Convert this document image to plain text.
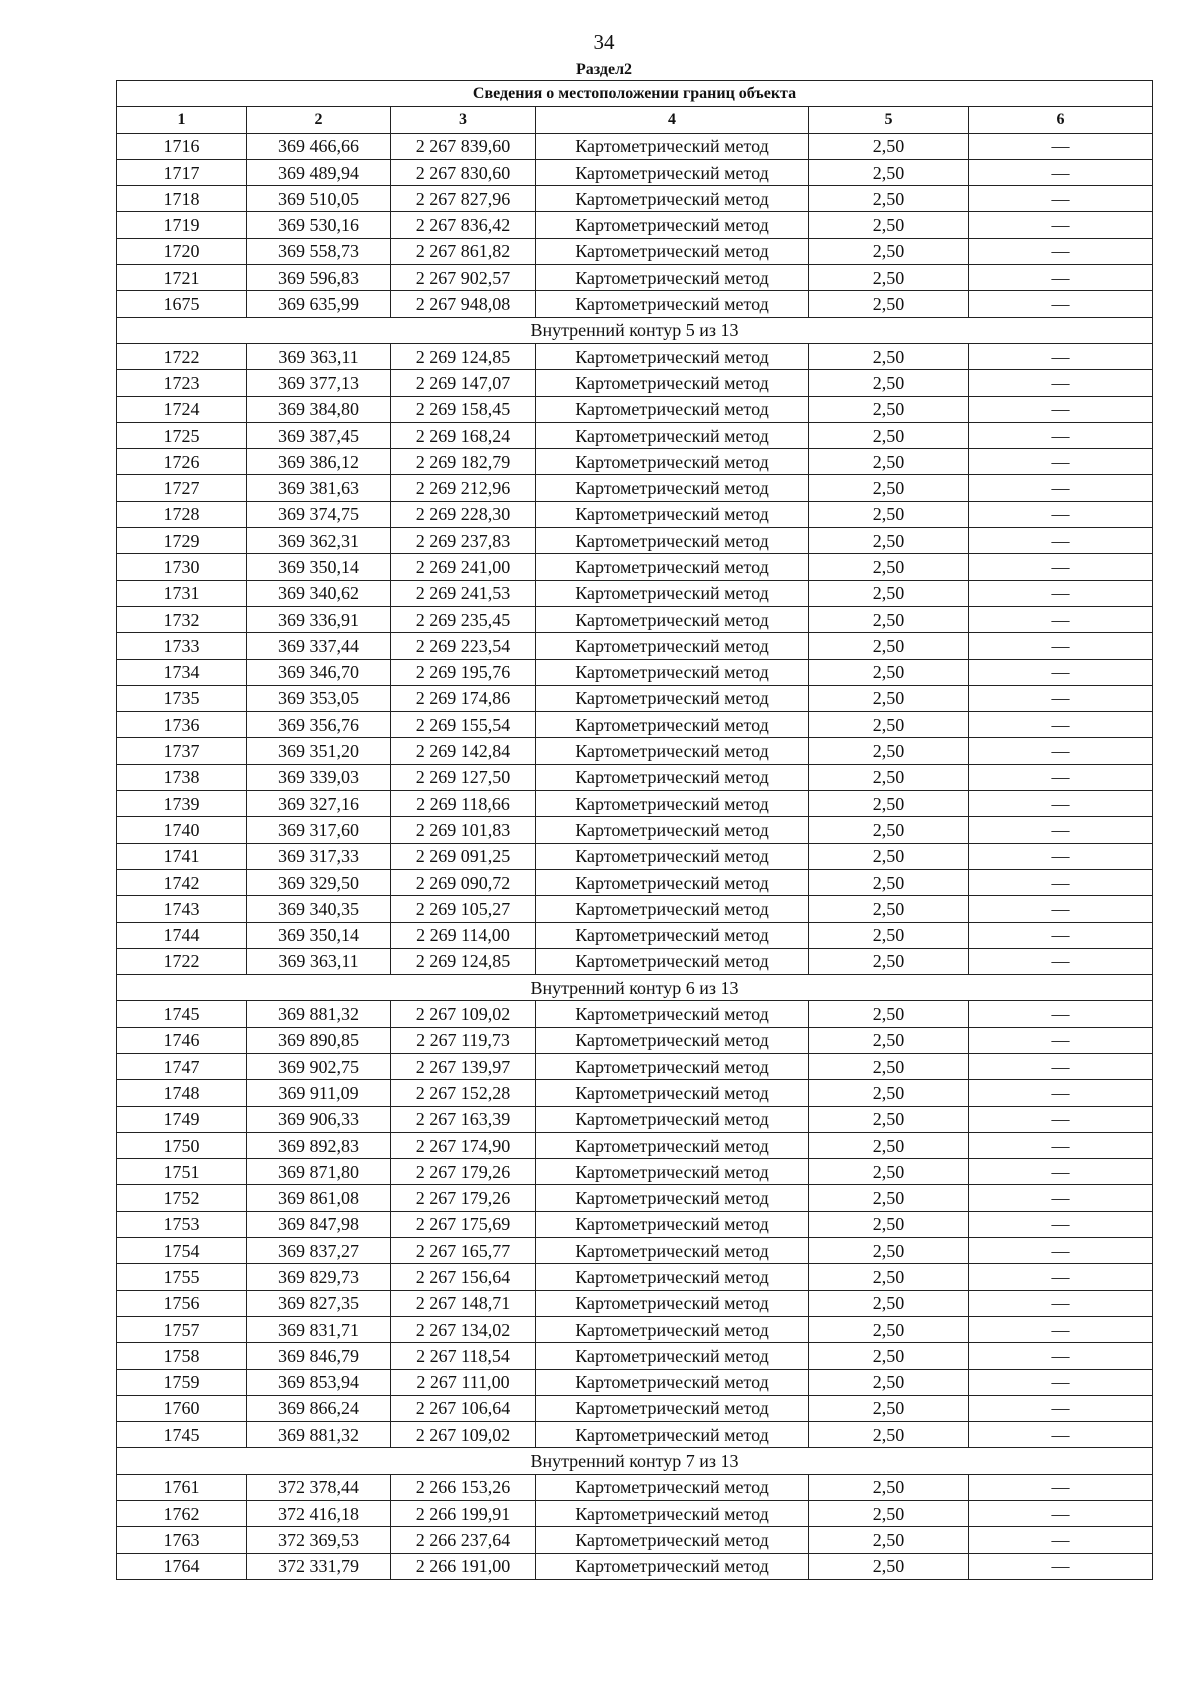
34
Раздел2
Сведения о местоположении границ объекта					
1	2	3	4	5	6
1716	369 466,66	2 267 839,60	Картометрический метод	2,50	—
1717	369 489,94	2 267 830,60	Картометрический метод	2,50	—
1718	369 510,05	2 267 827,96	Картометрический метод	2,50	—
1719	369 530,16	2 267 836,42	Картометрический метод	2,50	—
1720	369 558,73	2 267 861,82	Картометрический метод	2,50	—
1721	369 596,83	2 267 902,57	Картометрический метод	2,50	—
1675	369 635,99	2 267 948,08	Картометрический метод	2,50	—
Внутренний контур 5 из 13					
1722	369 363,11	2 269 124,85	Картометрический метод	2,50	—
1723	369 377,13	2 269 147,07	Картометрический метод	2,50	—
1724	369 384,80	2 269 158,45	Картометрический метод	2,50	—
1725	369 387,45	2 269 168,24	Картометрический метод	2,50	—
1726	369 386,12	2 269 182,79	Картометрический метод	2,50	—
1727	369 381,63	2 269 212,96	Картометрический метод	2,50	—
1728	369 374,75	2 269 228,30	Картометрический метод	2,50	—
1729	369 362,31	2 269 237,83	Картометрический метод	2,50	—
1730	369 350,14	2 269 241,00	Картометрический метод	2,50	—
1731	369 340,62	2 269 241,53	Картометрический метод	2,50	—
1732	369 336,91	2 269 235,45	Картометрический метод	2,50	—
1733	369 337,44	2 269 223,54	Картометрический метод	2,50	—
1734	369 346,70	2 269 195,76	Картометрический метод	2,50	—
1735	369 353,05	2 269 174,86	Картометрический метод	2,50	—
1736	369 356,76	2 269 155,54	Картометрический метод	2,50	—
1737	369 351,20	2 269 142,84	Картометрический метод	2,50	—
1738	369 339,03	2 269 127,50	Картометрический метод	2,50	—
1739	369 327,16	2 269 118,66	Картометрический метод	2,50	—
1740	369 317,60	2 269 101,83	Картометрический метод	2,50	—
1741	369 317,33	2 269 091,25	Картометрический метод	2,50	—
1742	369 329,50	2 269 090,72	Картометрический метод	2,50	—
1743	369 340,35	2 269 105,27	Картометрический метод	2,50	—
1744	369 350,14	2 269 114,00	Картометрический метод	2,50	—
1722	369 363,11	2 269 124,85	Картометрический метод	2,50	—
Внутренний контур 6 из 13					
1745	369 881,32	2 267 109,02	Картометрический метод	2,50	—
1746	369 890,85	2 267 119,73	Картометрический метод	2,50	—
1747	369 902,75	2 267 139,97	Картометрический метод	2,50	—
1748	369 911,09	2 267 152,28	Картометрический метод	2,50	—
1749	369 906,33	2 267 163,39	Картометрический метод	2,50	—
1750	369 892,83	2 267 174,90	Картометрический метод	2,50	—
1751	369 871,80	2 267 179,26	Картометрический метод	2,50	—
1752	369 861,08	2 267 179,26	Картометрический метод	2,50	—
1753	369 847,98	2 267 175,69	Картометрический метод	2,50	—
1754	369 837,27	2 267 165,77	Картометрический метод	2,50	—
1755	369 829,73	2 267 156,64	Картометрический метод	2,50	—
1756	369 827,35	2 267 148,71	Картометрический метод	2,50	—
1757	369 831,71	2 267 134,02	Картометрический метод	2,50	—
1758	369 846,79	2 267 118,54	Картометрический метод	2,50	—
1759	369 853,94	2 267 111,00	Картометрический метод	2,50	—
1760	369 866,24	2 267 106,64	Картометрический метод	2,50	—
1745	369 881,32	2 267 109,02	Картометрический метод	2,50	—
Внутренний контур 7 из 13					
1761	372 378,44	2 266 153,26	Картометрический метод	2,50	—
1762	372 416,18	2 266 199,91	Картометрический метод	2,50	—
1763	372 369,53	2 266 237,64	Картометрический метод	2,50	—
1764	372 331,79	2 266 191,00	Картометрический метод	2,50	—
